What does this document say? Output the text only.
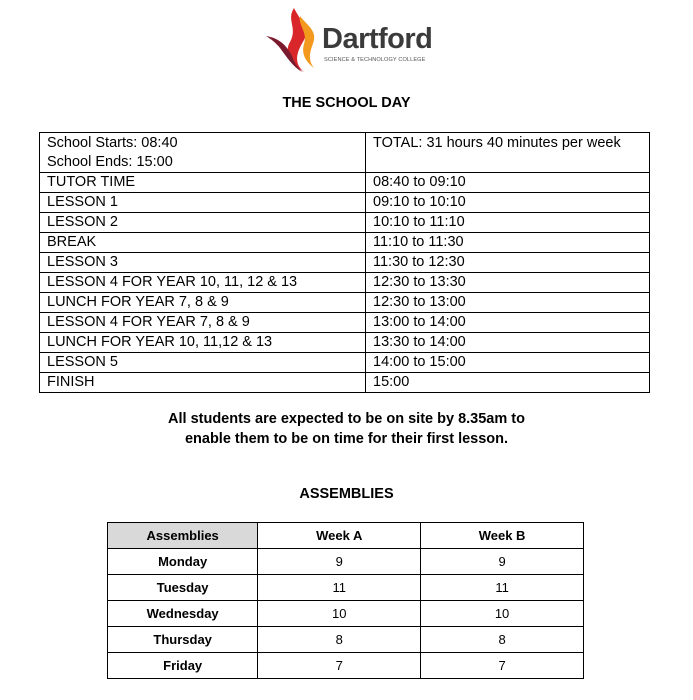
Dartford
SCIENCE & TECHNOLOGY COLLEGE
THE SCHOOL DAY
School Starts: 08:40
School Ends: 15:00	TOTAL: 31 hours 40 minutes per week
TUTOR TIME	08:40 to 09:10
LESSON 1	09:10 to 10:10
LESSON 2	10:10 to 11:10
BREAK	11:10 to 11:30
LESSON 3	11:30 to 12:30
LESSON 4 FOR YEAR 10, 11, 12 & 13	12:30 to 13:30
LUNCH FOR YEAR 7, 8 & 9	12:30 to 13:00
LESSON 4 FOR YEAR 7, 8 & 9	13:00 to 14:00
LUNCH FOR YEAR 10, 11,12 & 13	13:30 to 14:00
LESSON 5	14:00 to 15:00
FINISH	15:00
All students are expected to be on site by 8.35am to
enable them to be on time for their first lesson.
ASSEMBLIES
Assemblies	Week A	Week B
Monday	9	9
Tuesday	11	11
Wednesday	10	10
Thursday	8	8
Friday	7	7
